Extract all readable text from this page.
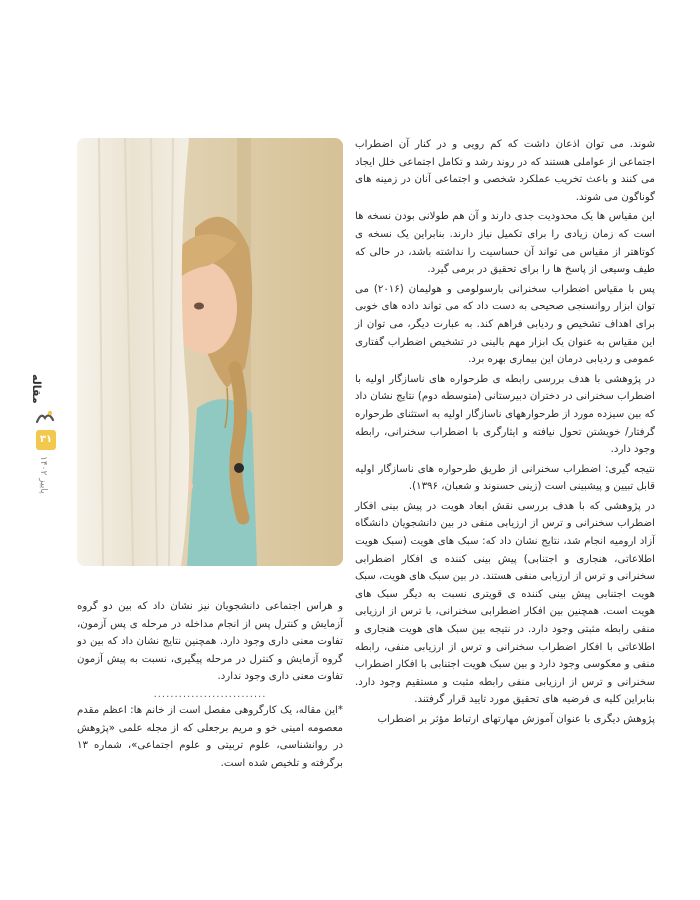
مقاله
۳۱
پاییز ۱۴۰۲

شوند. می توان اذعان داشت که کم رویی و در کنار آن اضطراب اجتماعی از عواملی هستند که در روند رشد و تکامل اجتماعی خلل ایجاد می کنند و باعث تخریب عملکرد شخصی و اجتماعی آنان در زمینه های گوناگون می شوند.

این مقیاس ها یک محدودیت جدی دارند و آن هم طولانی بودن نسخه ها است که زمان زیادی را برای تکمیل نیاز دارند. بنابراین یک نسخه ی کوتاهتر از مقیاس می تواند آن حساسیت را نداشته باشد، در حالی که طیف وسیعی از پاسخ ها را برای تحقیق در برمی گیرد.

پس با مقیاس اضطراب سخنرانی بارسولومی و هولیمان (۲۰۱۶) می توان ابزار روانسنجی صحیحی به دست داد که می تواند داده های خوبی برای اهداف تشخیص و ردیابی فراهم کند. به عبارت دیگر، می توان از این مقیاس به عنوان یک ابزار مهم بالینی در تشخیص اضطراب گفتاری عمومی و ردیابی درمان این بیماری بهره برد.

در پژوهشی با هدف بررسی رابطه ی طرحواره های ناسازگار اولیه با اضطراب سخنرانی در دختران دبیرستانی (متوسطه دوم) نتایج نشان داد که بین سیزده مورد از طرحوارههای ناسازگار اولیه به استثنای طرحواره گرفتار/ خویشتن تحول نیافته و ایثارگری با اضطراب سخنرانی، رابطه وجود دارد.

نتیجه گیری: اضطراب سخنرانی از طریق طرحواره های ناسازگار اولیه قابل تبیین و پیشبینی است (زینی حسنوند و شعبان، ۱۳۹۶).

در پژوهشی که با هدف بررسی نقش ابعاد هویت در پیش بینی افکار اضطراب سخنرانی و ترس از ارزیابی منفی در بین دانشجویان دانشگاه آزاد ارومیه انجام شد، نتایج نشان داد که: سبک های هویت (سبک هویت اطلاعاتی، هنجاری و اجتنابی) پیش بینی کننده ی افکار اضطرابی سخنرانی و ترس از ارزیابی منفی هستند. در بین سبک های هویت، سبک هویت اجتنابی پیش بینی کننده ی قویتری نسبت به دیگر سبک های هویت است. همچنین بین افکار اضطرابی سخنرانی، با ترس از ارزیابی منفی رابطه مثبتی وجود دارد. در نتیجه بین سبک های هویت هنجاری و اطلاعاتی با افکار اضطراب سخنرانی و ترس از ارزیابی منفی، رابطه منفی و معکوسی وجود دارد و بین سبک هویت اجتنابی با افکار اضطراب سخنرانی و ترس از ارزیابی منفی رابطه مثبت و مستقیم وجود دارد. بنابراین کلیه ی فرضیه های تحقیق مورد تایید قرار گرفتند.

پژوهش دیگری با عنوان آموزش مهارتهای ارتباط مؤثر بر اضطراب

و هراس اجتماعی دانشجویان نیز نشان داد که بین دو گروه آزمایش و کنترل پس از انجام مداخله در مرحله ی پس آزمون، تفاوت معنی داری وجود دارد. همچنین نتایج نشان داد که بین دو گروه آزمایش و کنترل در مرحله پیگیری، نسبت به پیش آزمون تفاوت معنی داری وجود ندارد.

...........................

*این مقاله، یک کارگروهی مفصل است از خانم ها: اعظم مقدم معصومه امینی خو و مریم برجعلی که از مجله علمی «پژوهش در روانشناسی، علوم تربیتی و علوم اجتماعی»، شماره ۱۳ برگرفته و تلخیص شده است.
